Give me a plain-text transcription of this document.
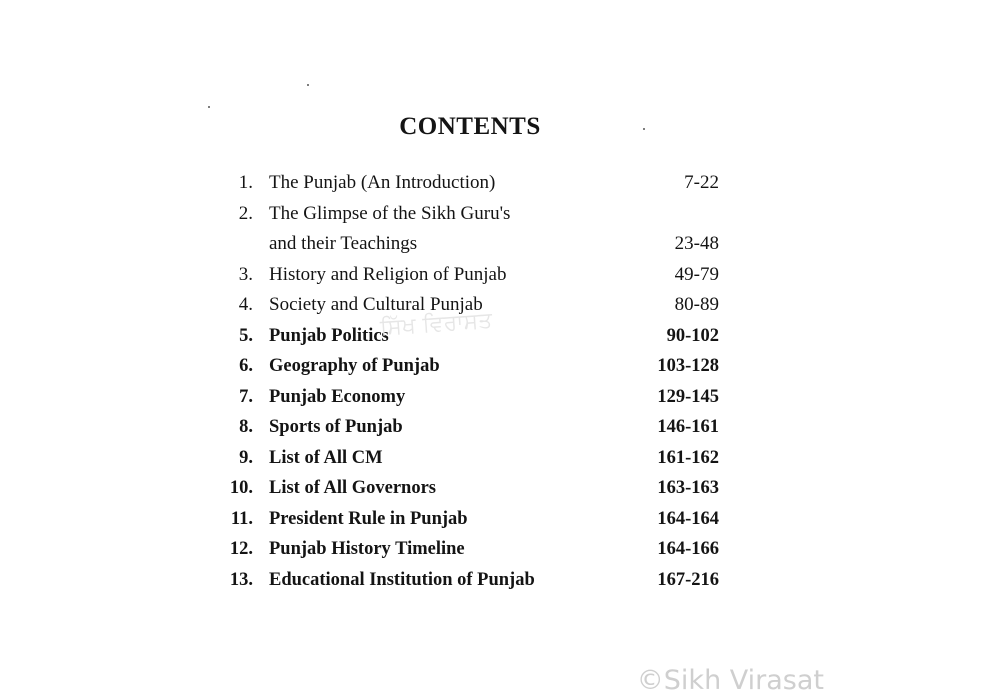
CONTENTS
1. The Punjab (An Introduction)	7-22
2. The Glimpse of the Sikh Guru's
and their Teachings	23-48
3. History and Religion of Punjab	49-79
4. Society and Cultural Punjab	80-89
5. Punjab Politics	90-102
6. Geography of Punjab	103-128
7. Punjab Economy	129-145
8. Sports of Punjab	146-161
9. List of All CM	161-162
10. List of All Governors	163-163
11. President Rule in Punjab	164-164
12. Punjab History Timeline	164-166
13. Educational Institution of Punjab	167-216
ਸਿੱਖ ਵਿਰਾਸਤ
©Sikh Virasat
